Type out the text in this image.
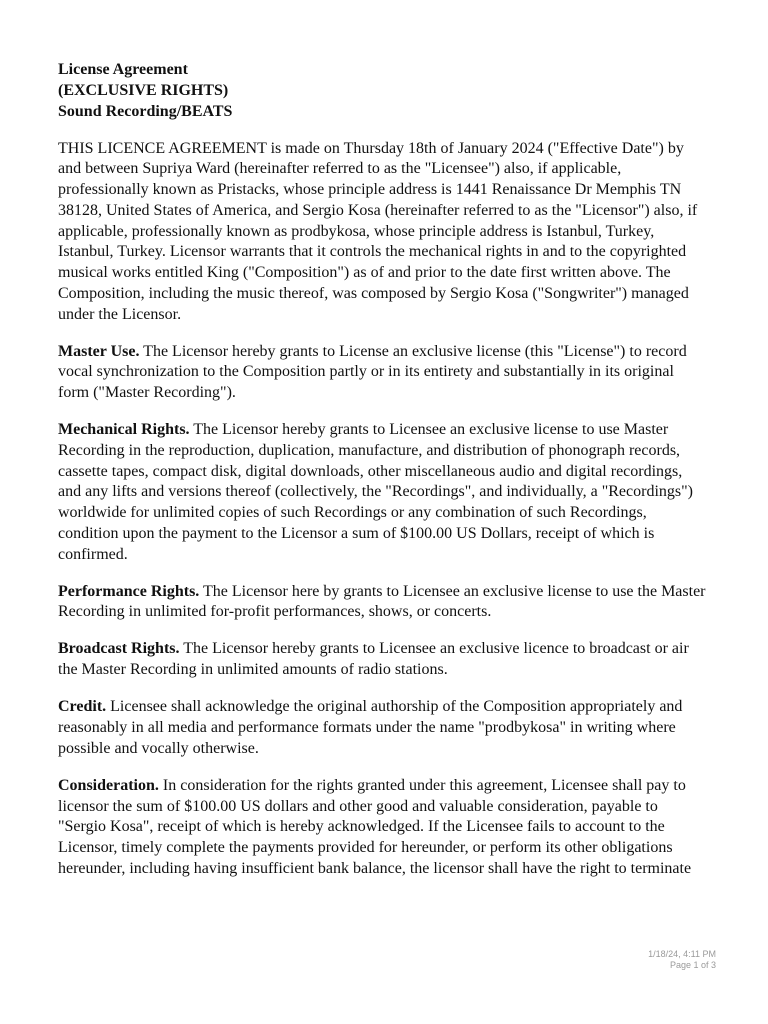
License Agreement
(EXCLUSIVE RIGHTS)
Sound Recording/BEATS
THIS LICENCE AGREEMENT is made on Thursday 18th of January 2024 ("Effective Date") by
and between Supriya Ward (hereinafter referred to as the "Licensee") also, if applicable,
professionally known as Pristacks, whose principle address is 1441 Renaissance Dr Memphis TN
38128, United States of America, and Sergio Kosa (hereinafter referred to as the "Licensor") also, if
applicable, professionally known as prodbykosa, whose principle address is Istanbul, Turkey,
Istanbul, Turkey. Licensor warrants that it controls the mechanical rights in and to the copyrighted
musical works entitled King ("Composition") as of and prior to the date first written above. The
Composition, including the music thereof, was composed by Sergio Kosa ("Songwriter") managed
under the Licensor.
Master Use. The Licensor hereby grants to License an exclusive license (this "License") to record
vocal synchronization to the Composition partly or in its entirety and substantially in its original
form ("Master Recording").
Mechanical Rights. The Licensor hereby grants to Licensee an exclusive license to use Master
Recording in the reproduction, duplication, manufacture, and distribution of phonograph records,
cassette tapes, compact disk, digital downloads, other miscellaneous audio and digital recordings,
and any lifts and versions thereof (collectively, the "Recordings", and individually, a "Recordings")
worldwide for unlimited copies of such Recordings or any combination of such Recordings,
condition upon the payment to the Licensor a sum of $100.00 US Dollars, receipt of which is
confirmed.
Performance Rights. The Licensor here by grants to Licensee an exclusive license to use the Master
Recording in unlimited for-profit performances, shows, or concerts.
Broadcast Rights. The Licensor hereby grants to Licensee an exclusive licence to broadcast or air
the Master Recording in unlimited amounts of radio stations.
Credit. Licensee shall acknowledge the original authorship of the Composition appropriately and
reasonably in all media and performance formats under the name "prodbykosa" in writing where
possible and vocally otherwise.
Consideration. In consideration for the rights granted under this agreement, Licensee shall pay to
licensor the sum of $100.00 US dollars and other good and valuable consideration, payable to
"Sergio Kosa", receipt of which is hereby acknowledged. If the Licensee fails to account to the
Licensor, timely complete the payments provided for hereunder, or perform its other obligations
hereunder, including having insufficient bank balance, the licensor shall have the right to terminate
1/18/24, 4:11 PM
Page 1 of 3
